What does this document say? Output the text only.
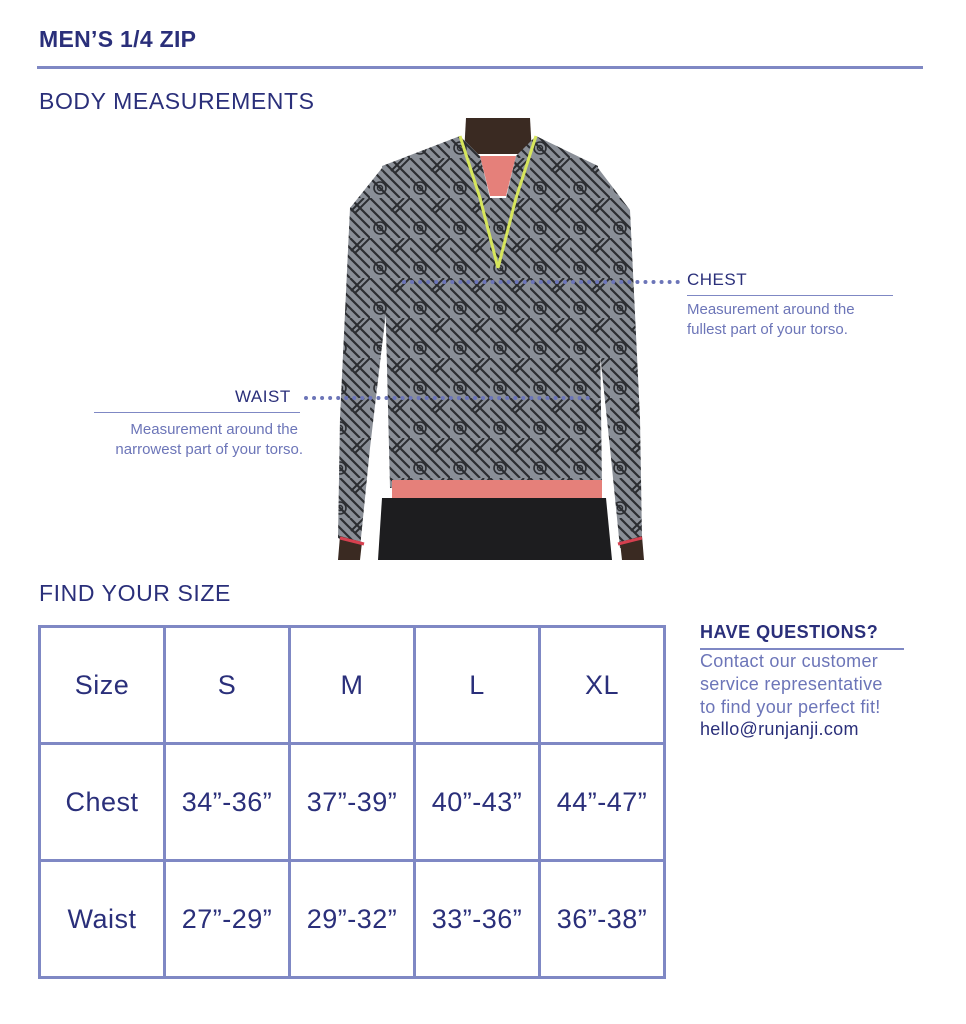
MEN’S 1/4 ZIP
BODY MEASUREMENTS
CHEST

Measurement around the

fullest part of your torso.

WAIST

Measurement around the

narrowest part of your torso.

FIND YOUR SIZE
Size	S	M	L	XL
Chest	34”-36”	37”-39”	40”-43”	44”-47”
Waist	27”-29”	29”-32”	33”-36”	36”-38”
HAVE QUESTIONS?
Contact our customer
service representative
to find your perfect fit!

hello@runjanji.com
